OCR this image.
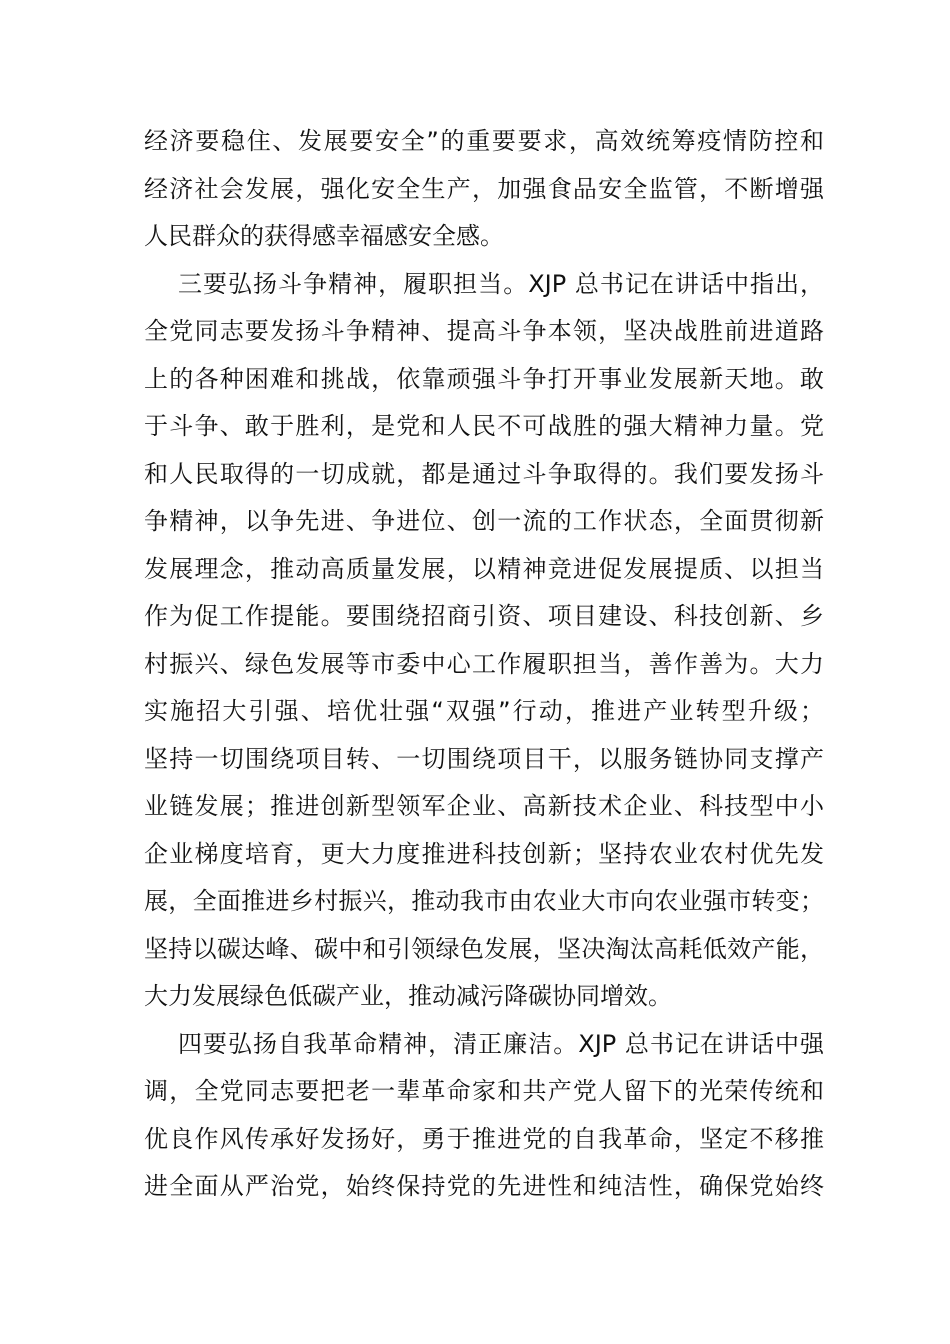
经济要稳住、发展要安全”的重要要求，高效统筹疫情防控和
经济社会发展，强化安全生产，加强食品安全监管，不断增强
人民群众的获得感幸福感安全感。
三要弘扬斗争精神，履职担当。XJP 总书记在讲话中指出，
全党同志要发扬斗争精神、提高斗争本领，坚决战胜前进道路
上的各种困难和挑战，依靠顽强斗争打开事业发展新天地。敢
于斗争、敢于胜利，是党和人民不可战胜的强大精神力量。党
和人民取得的一切成就，都是通过斗争取得的。我们要发扬斗
争精神，以争先进、争进位、创一流的工作状态，全面贯彻新
发展理念，推动高质量发展，以精神竞进促发展提质、以担当
作为促工作提能。要围绕招商引资、项目建设、科技创新、乡
村振兴、绿色发展等市委中心工作履职担当，善作善为。大力
实施招大引强、培优壮强“双强”行动，推进产业转型升级；
坚持一切围绕项目转、一切围绕项目干，以服务链协同支撑产
业链发展；推进创新型领军企业、高新技术企业、科技型中小
企业梯度培育，更大力度推进科技创新；坚持农业农村优先发
展，全面推进乡村振兴，推动我市由农业大市向农业强市转变；
坚持以碳达峰、碳中和引领绿色发展，坚决淘汰高耗低效产能，
大力发展绿色低碳产业，推动减污降碳协同增效。
四要弘扬自我革命精神，清正廉洁。XJP 总书记在讲话中强
调，全党同志要把老一辈革命家和共产党人留下的光荣传统和
优良作风传承好发扬好，勇于推进党的自我革命，坚定不移推
进全面从严治党，始终保持党的先进性和纯洁性，确保党始终
